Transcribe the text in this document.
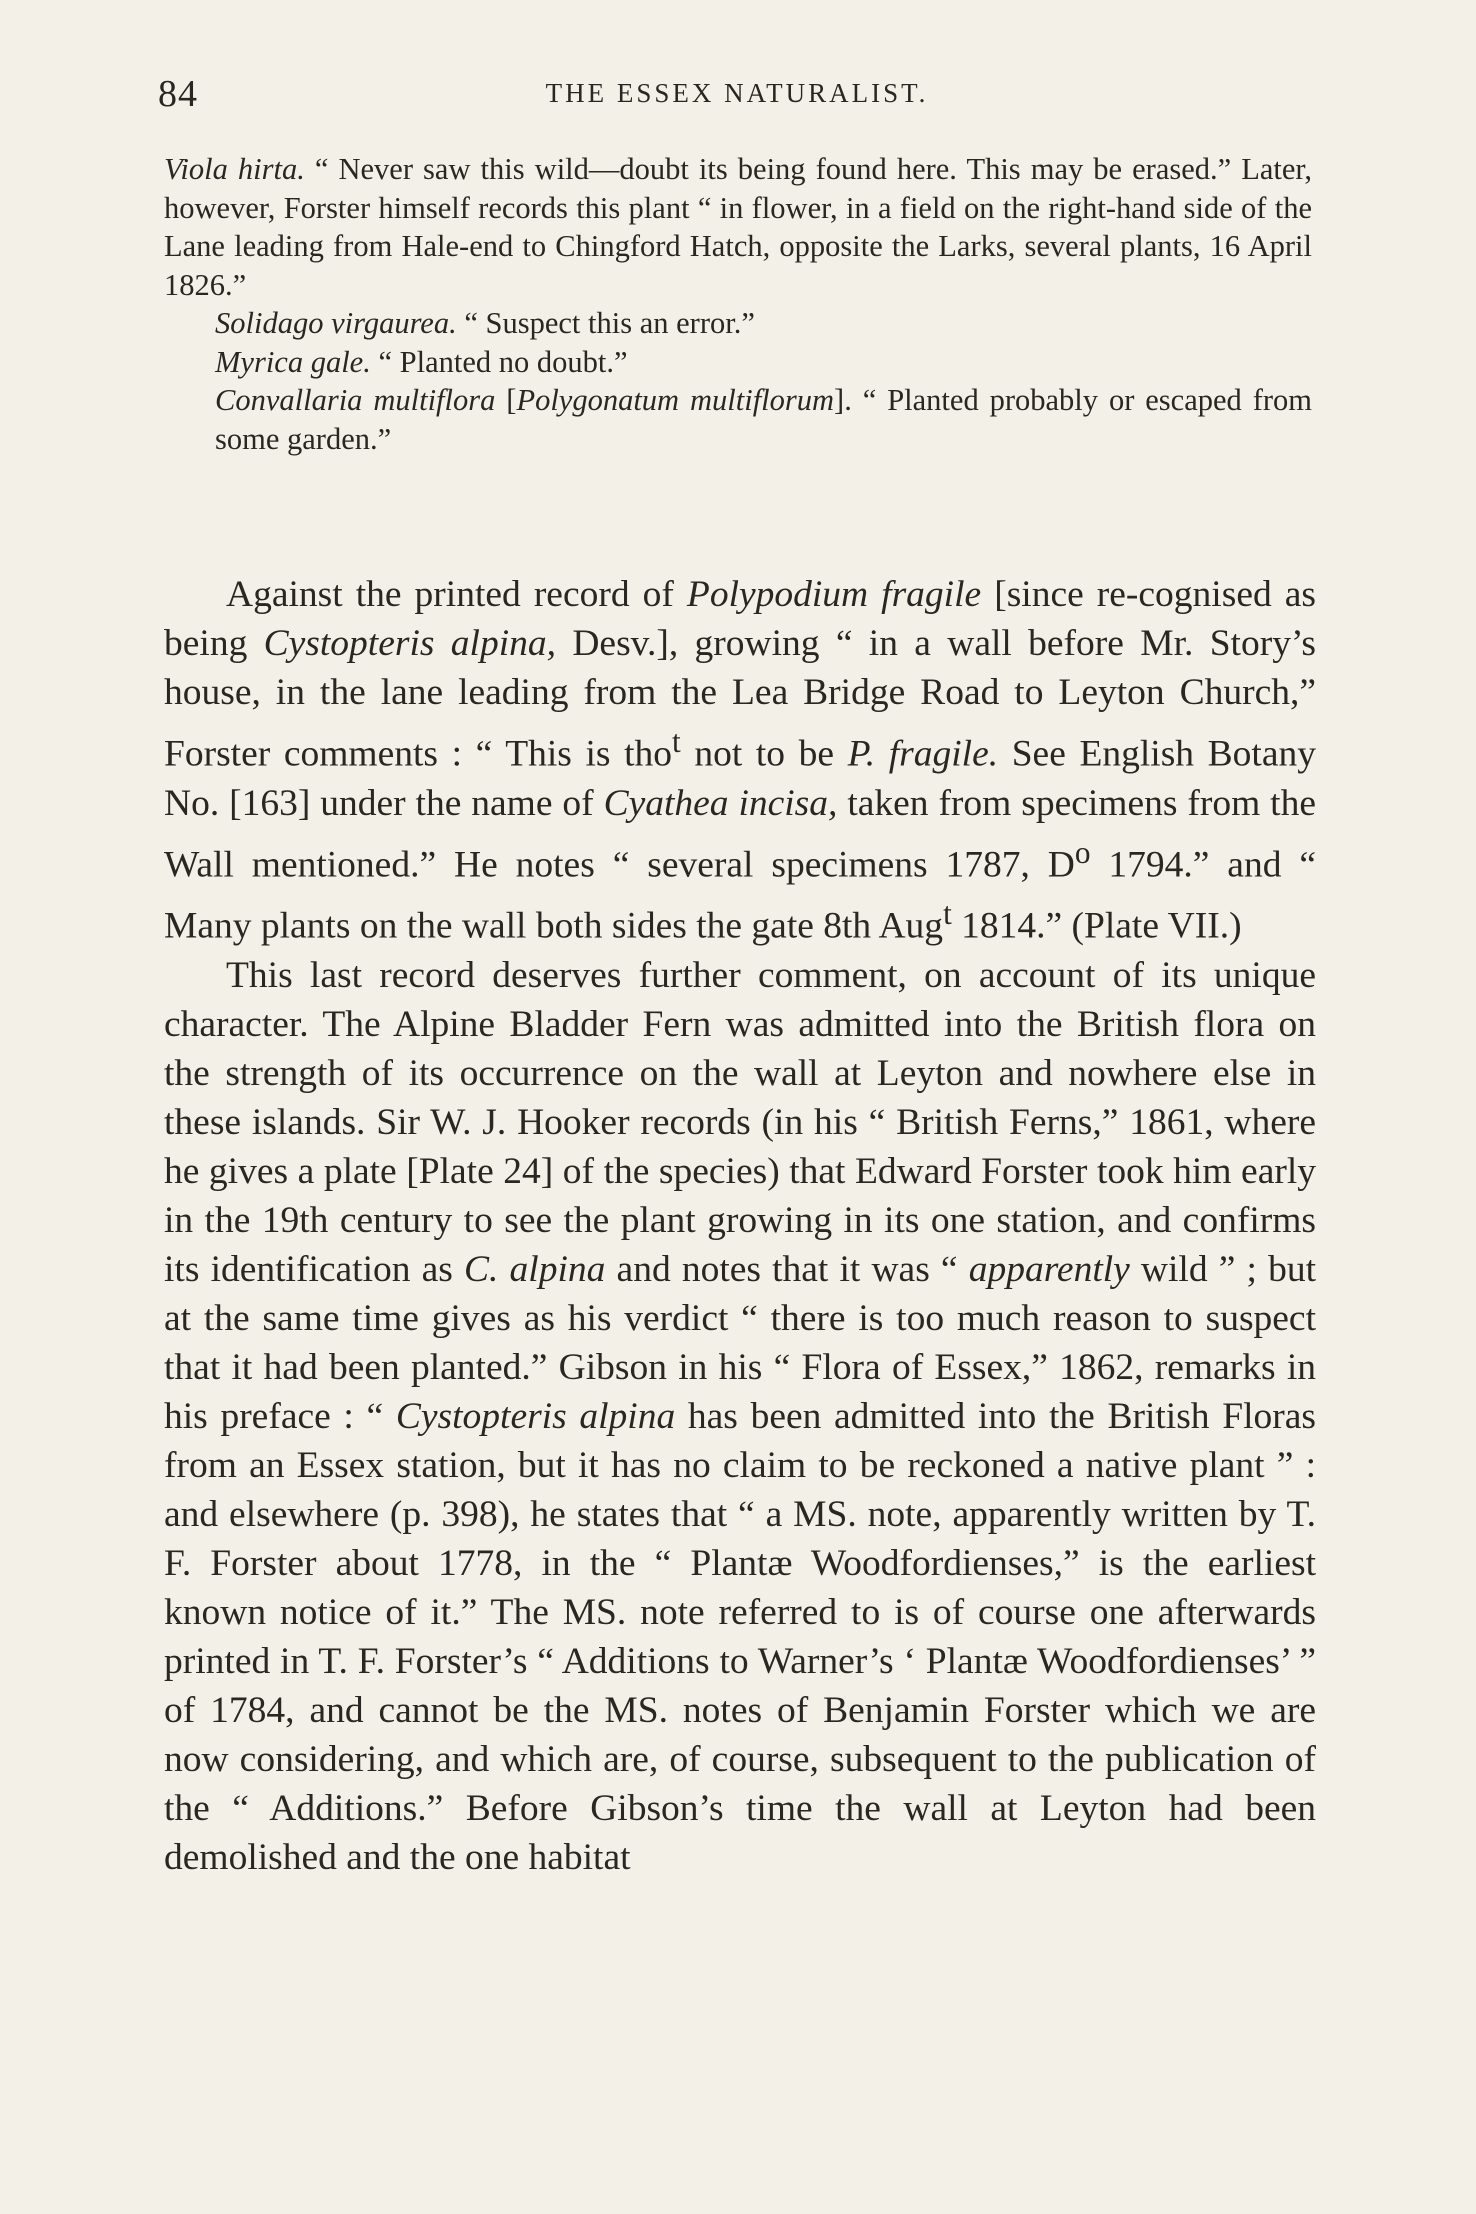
84	THE ESSEX NATURALIST.

Viola hirta. “ Never saw this wild—doubt its being found here. This may be erased.” Later, however, Forster himself records this plant “ in flower, in a field on the right-hand side of the Lane leading from Hale-end to Chingford Hatch, opposite the Larks, several plants, 16 April 1826.”

Solidago virgaurea. “ Suspect this an error.”

Myrica gale. “ Planted no doubt.”

Convallaria multiflora [Polygonatum multiflorum]. “ Planted probably or escaped from some garden.”

Against the printed record of Polypodium fragile [since re-cognised as being Cystopteris alpina, Desv.], growing “ in a wall before Mr. Story’s house, in the lane leading from the Lea Bridge Road to Leyton Church,” Forster comments : “ This is tho$^t$ not to be P. fragile. See English Botany No. [163] under the name of Cyathea incisa, taken from specimens from the Wall mentioned.” He notes “ several specimens 1787, $D^o$ 1794.” and “ Many plants on the wall both sides the gate 8th Aug$^t$ 1814.” (Plate VII.)

This last record deserves further comment, on account of its unique character. The Alpine Bladder Fern was admitted into the British flora on the strength of its occurrence on the wall at Leyton and nowhere else in these islands. Sir W. J. Hooker records (in his “ British Ferns,” 1861, where he gives a plate [Plate 24] of the species) that Edward Forster took him early in the 19th century to see the plant growing in its one station, and confirms its identification as C. alpina and notes that it was “ apparently wild ” ; but at the same time gives as his verdict “ there is too much reason to suspect that it had been planted.” Gibson in his “ Flora of Essex,” 1862, remarks in his preface : “ Cystopteris alpina has been admitted into the British Floras from an Essex station, but it has no claim to be reckoned a native plant ” : and elsewhere (p. 398), he states that “ a MS. note, apparently written by T. F. Forster about 1778, in the “ Plantæ Woodfordienses,” is the earliest known notice of it.” The MS. note referred to is of course one afterwards printed in T. F. Forster’s “ Additions to Warner’s ‘ Plantæ Woodfordienses’ ” of 1784, and cannot be the MS. notes of Benjamin Forster which we are now considering, and which are, of course, subsequent to the publication of the “ Additions.” Before Gibson’s time the wall at Leyton had been demolished and the one habitat
